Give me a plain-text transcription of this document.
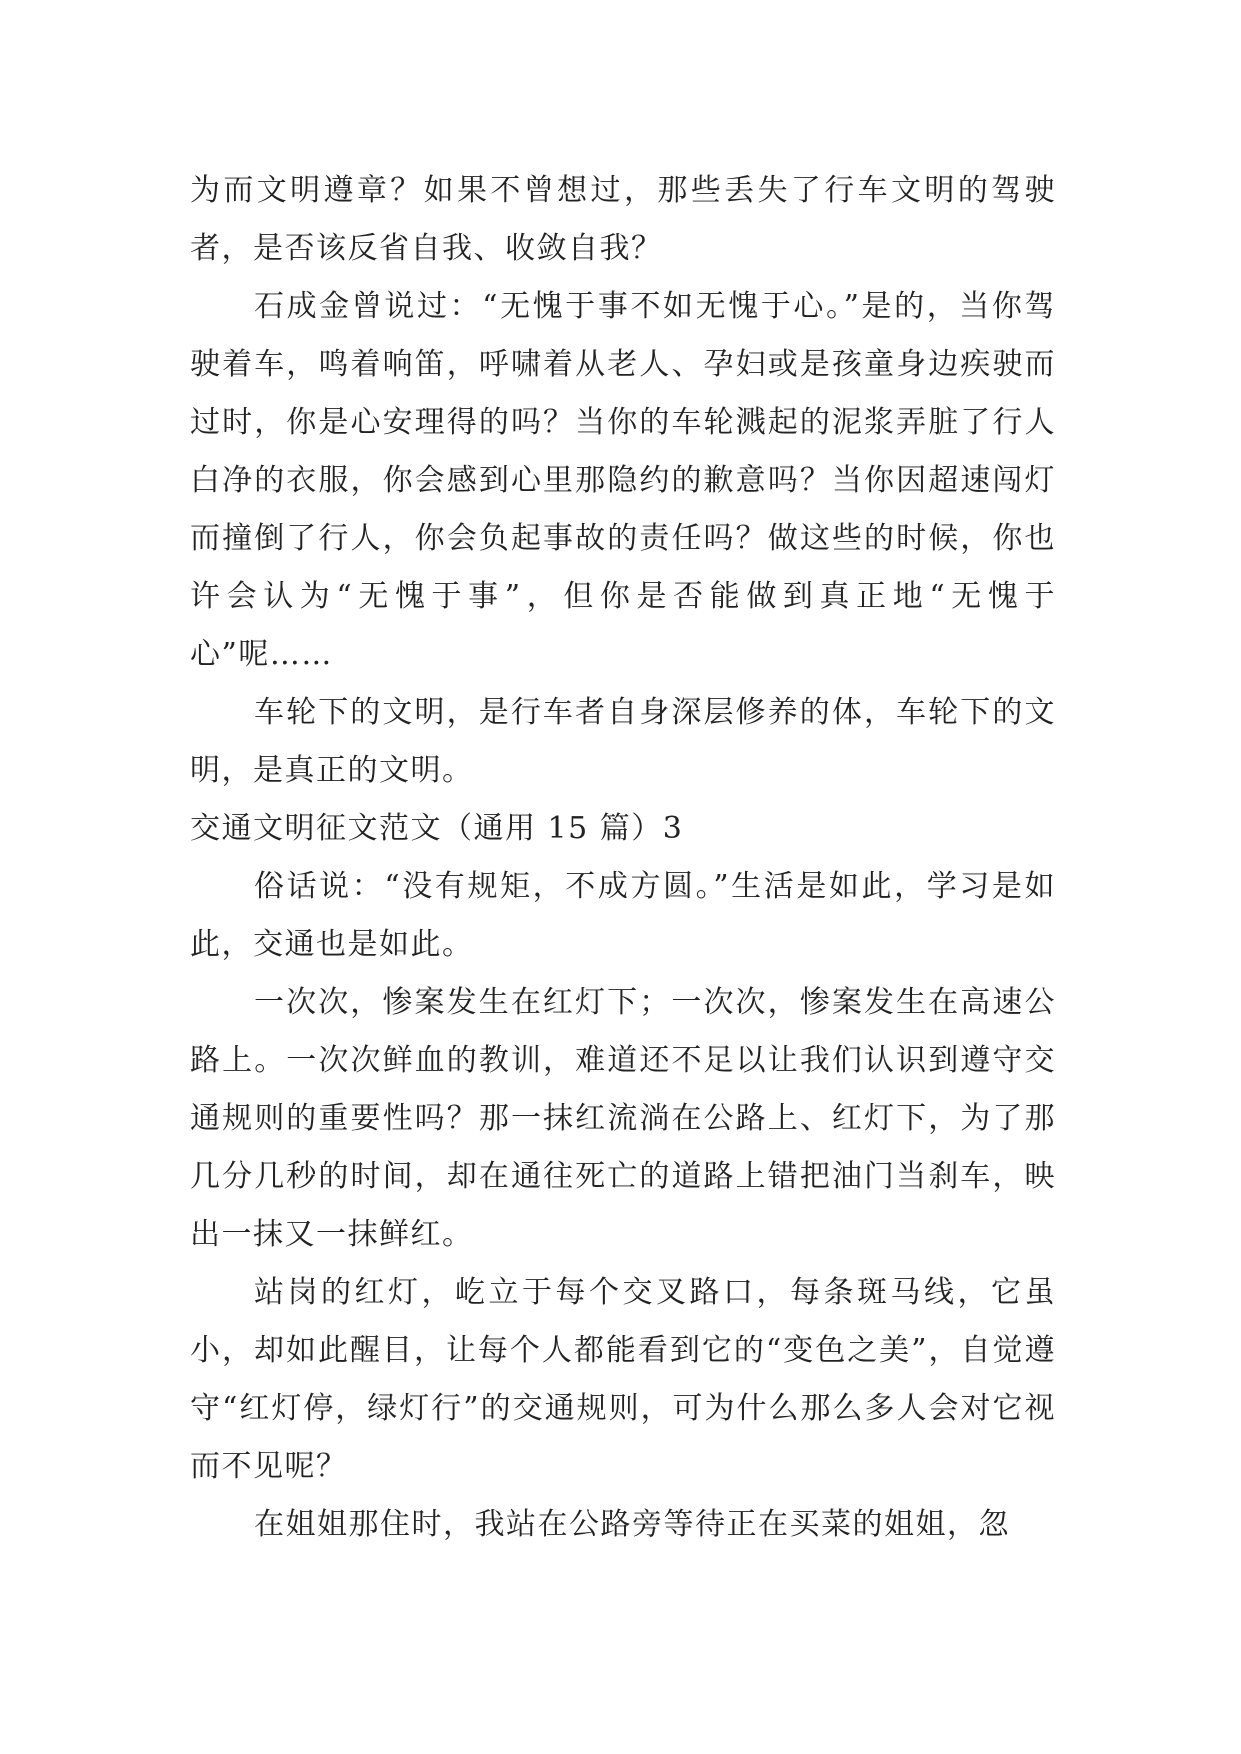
为而文明遵章？如果不曾想过，那些丢失了行车文明的驾驶者，是否该反省自我、收敛自我？

石成金曾说过：“无愧于事不如无愧于心。”是的，当你驾驶着车，鸣着响笛，呼啸着从老人、孕妇或是孩童身边疾驶而过时，你是心安理得的吗？当你的车轮溅起的泥浆弄脏了行人白净的衣服，你会感到心里那隐约的歉意吗？当你因超速闯灯而撞倒了行人，你会负起事故的责任吗？做这些的时候，你也许会认为“无愧于事”，但你是否能做到真正地“无愧于心”呢……

车轮下的文明，是行车者自身深层修养的体，车轮下的文明，是真正的文明。

交通文明征文范文（通用 15 篇）3

俗话说：“没有规矩，不成方圆。”生活是如此，学习是如此，交通也是如此。

一次次，惨案发生在红灯下；一次次，惨案发生在高速公路上。一次次鲜血的教训，难道还不足以让我们认识到遵守交通规则的重要性吗？那一抹红流淌在公路上、红灯下，为了那几分几秒的时间，却在通往死亡的道路上错把油门当刹车，映出一抹又一抹鲜红。

站岗的红灯，屹立于每个交叉路口，每条斑马线，它虽小，却如此醒目，让每个人都能看到它的“变色之美”，自觉遵守“红灯停，绿灯行”的交通规则，可为什么那么多人会对它视而不见呢？

在姐姐那住时，我站在公路旁等待正在买菜的姐姐，忽
